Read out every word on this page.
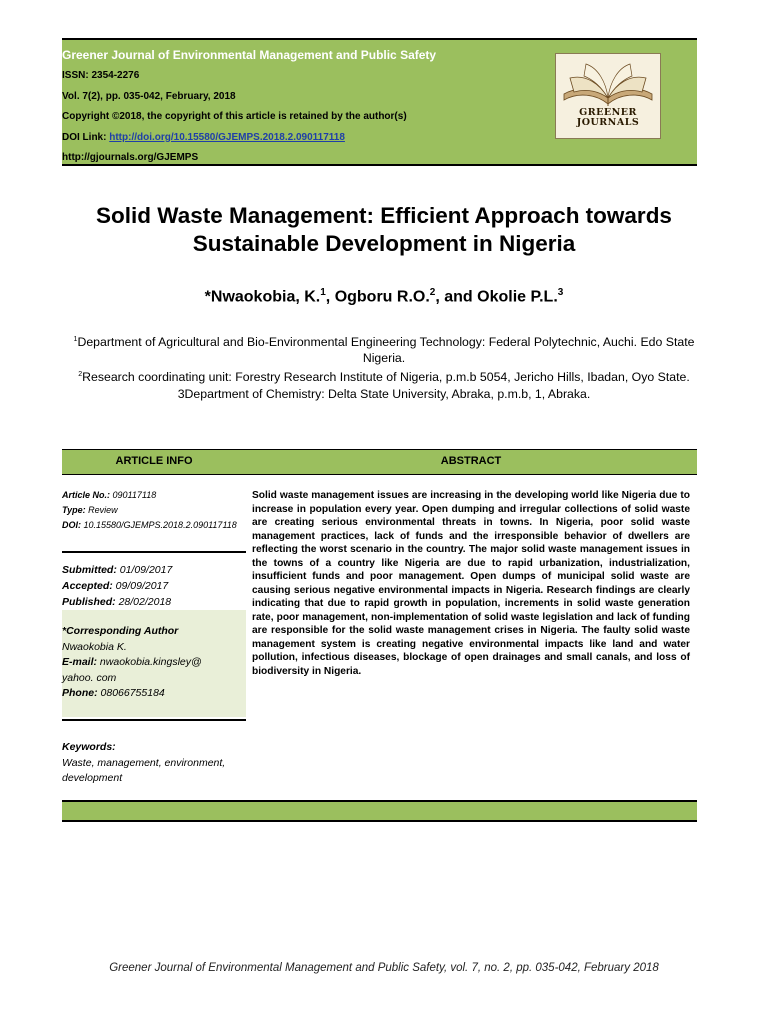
Greener Journal of Environmental Management and Public Safety
ISSN: 2354-2276
Vol. 7(2), pp. 035-042, February, 2018
Copyright ©2018, the copyright of this article is retained by the author(s)
DOI Link: http://doi.org/10.15580/GJEMPS.2018.2.090117118
http://gjournals.org/GJEMPS
GREENER
JOURNALS
Solid Waste Management: Efficient Approach towards
Sustainable Development in Nigeria
*Nwaokobia, K.$^1$, Ogboru R.O.$^2$, and Okolie P.L.$^3$
$^1$Department of Agricultural and Bio-Environmental Engineering Technology: Federal Polytechnic, Auchi. Edo State Nigeria.
$^2$Research coordinating unit: Forestry Research Institute of Nigeria, p.m.b 5054, Jericho Hills, Ibadan, Oyo State.
3Department of Chemistry: Delta State University, Abraka, p.m.b, 1, Abraka.
ARTICLE INFO	ABSTRACT
Article No.: 090117118
Type: Review
DOI: 10.15580/GJEMPS.2018.2.090117118
Submitted: 01/09/2017
Accepted: 09/09/2017
Published: 28/02/2018
*Corresponding Author
Nwaokobia K.
E-mail: nwaokobia.kingsley@
yahoo. com
Phone: 08066755184
Keywords:
Waste, management, environment, development
Solid waste management issues are increasing in the developing world like Nigeria due to increase in population every year. Open dumping and irregular collections of solid waste are creating serious environmental threats in towns. In Nigeria, poor solid waste management practices, lack of funds and the irresponsible behavior of dwellers are reflecting the worst scenario in the country. The major solid waste management issues in the towns of a country like Nigeria are due to rapid urbanization, industrialization, insufficient funds and poor management. Open dumps of municipal solid waste are causing serious negative environmental impacts in Nigeria. Research findings are clearly indicating that due to rapid growth in population, increments in solid waste generation rate, poor management, non-implementation of solid waste legislation and lack of funding are responsible for the solid waste management crises in Nigeria. The faulty solid waste management system is creating negative environmental impacts like land and water pollution, infectious diseases, blockage of open drainages and small canals, and loss of biodiversity in Nigeria.
Greener Journal of Environmental Management and Public Safety, vol. 7, no. 2, pp. 035-042, February 2018
